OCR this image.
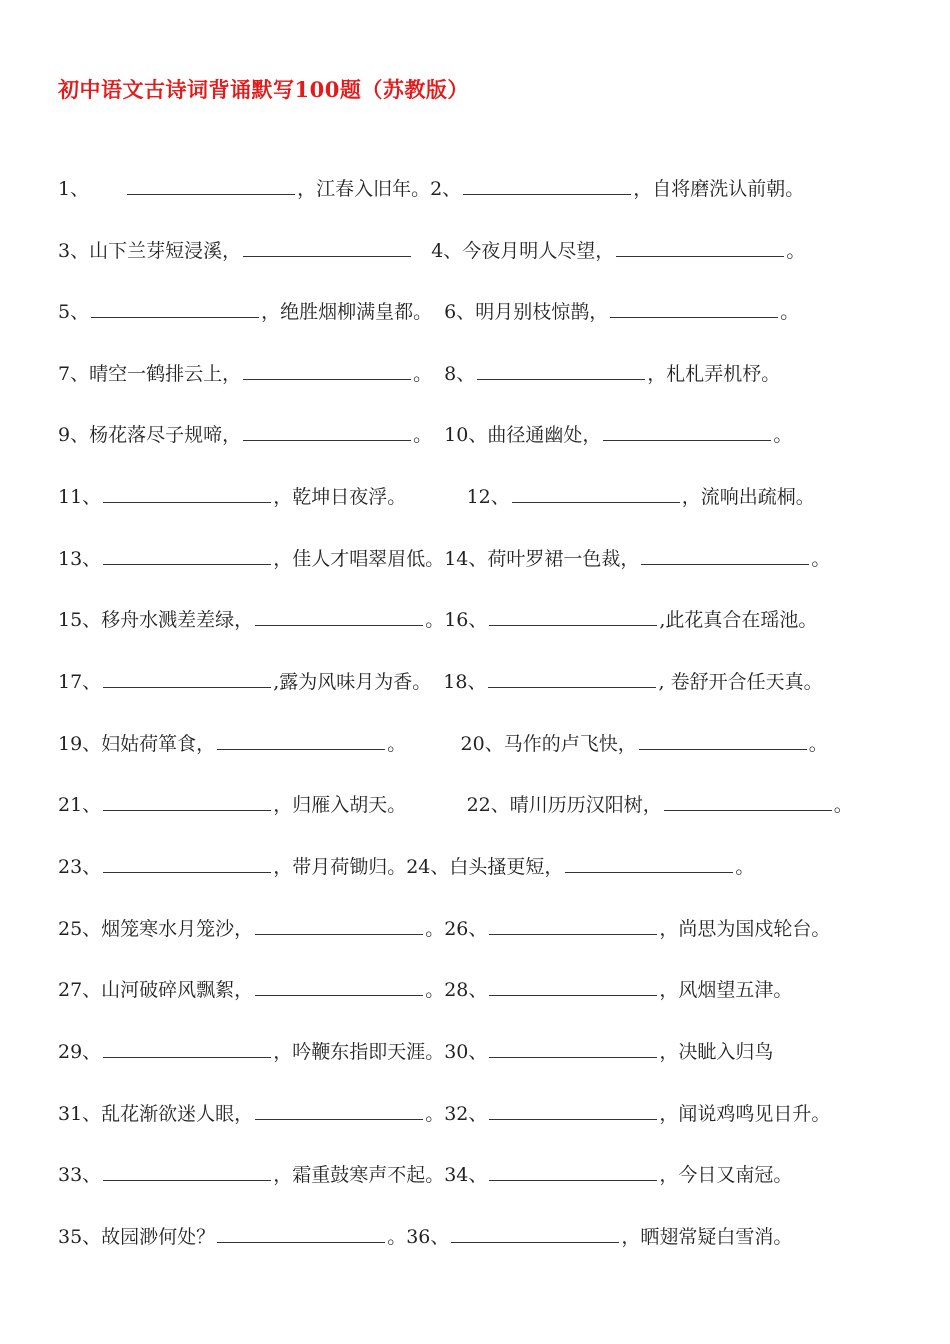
初中语文古诗词背诵默写100题（苏教版）
1、	，江春入旧年。2、	，自将磨洗认前朝。
3、山下兰芽短浸溪，	4、今夜月明人尽望，	。
5、	，绝胜烟柳满皇都。  6、明月别枝惊鹊，	。
7、晴空一鹤排云上，	。  8、	，札札弄机杼。
9、杨花落尽子规啼，	。  10、曲径通幽处，	。
11、	，乾坤日夜浮。          12、	，流响出疏桐。
13、	，佳人才唱翠眉低。14、荷叶罗裙一色裁，	。
15、移舟水溅差差绿，	。16、	,此花真合在瑶池。
17、	,露为风味月为香。  18、	, 卷舒开合任天真。
19、妇姑荷箪食，	。         20、马作的卢飞快，	。
21、	，归雁入胡天。          22、晴川历历汉阳树，	。
23、	，带月荷锄归。24、白头搔更短，	。
25、烟笼寒水月笼沙，	。26、	，尚思为国戍轮台。
27、山河破碎风飘絮，	。28、	，风烟望五津。
29、	，吟鞭东指即天涯。30、	，决眦入归鸟
31、乱花渐欲迷人眼，	。32、	，闻说鸡鸣见日升。
33、	，霜重鼓寒声不起。34、	，今日又南冠。
35、故园渺何处？	。36、	，晒翅常疑白雪消。
